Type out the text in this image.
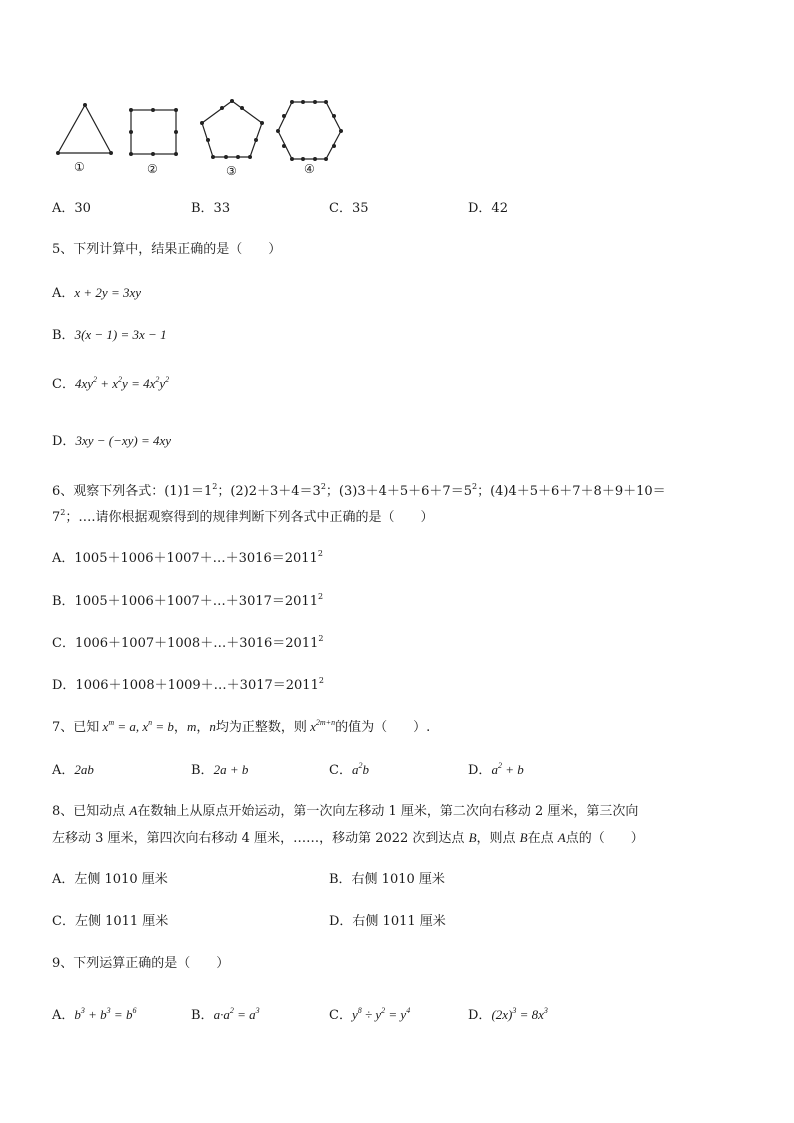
①	②	③	④
A．30	B．33	C．35	D．42
5、下列计算中，结果正确的是（　　）
A．x + 2y = 3xy
B．3(x − 1) = 3x − 1
C．$4xy^2 + x^2y = 4x^2y^2$
D．3xy − (−xy) = 4xy
6、观察下列各式：$(1)1=1^2$；$(2)2+3+4=3^2$；$(3)3+4+5+6+7=5^2$；(4)4＋5＋6＋7＋8＋9＋10＝
$7^2$；….请你根据观察得到的规律判断下列各式中正确的是（　　）
A．$1005+1006+1007+\dots+3016=2011^2$
B．$1005+1006+1007+\dots+3017=2011^2$
C．$1006+1007+1008+\dots+3016=2011^2$
D．$1006+1008+1009+\dots+3017=2011^2$
7、已知 $x^m = a$, $x^n = b$，m，n均为正整数，则 $x^{2m+n}$的值为（　　）.
A．2ab	B．2a + b	C．$a^2b$	D．$a^2 + b$
8、已知动点 A在数轴上从原点开始运动，第一次向左移动 1 厘米，第二次向右移动 2 厘米，第三次向
左移动 3 厘米，第四次向右移动 4 厘米，……，移动第 2022 次到达点 B，则点 B在点 A点的（　　）
A．左侧 1010 厘米	B．右侧 1010 厘米
C．左侧 1011 厘米	D．右侧 1011 厘米
9、下列运算正确的是（　　）
A．$b^3 + b^3 = b^6$	B．$a\cdot a^2 = a^3$	C．$y^8 \div y^2 = y^4$	D．$(2x)^3 = 8x^3$
